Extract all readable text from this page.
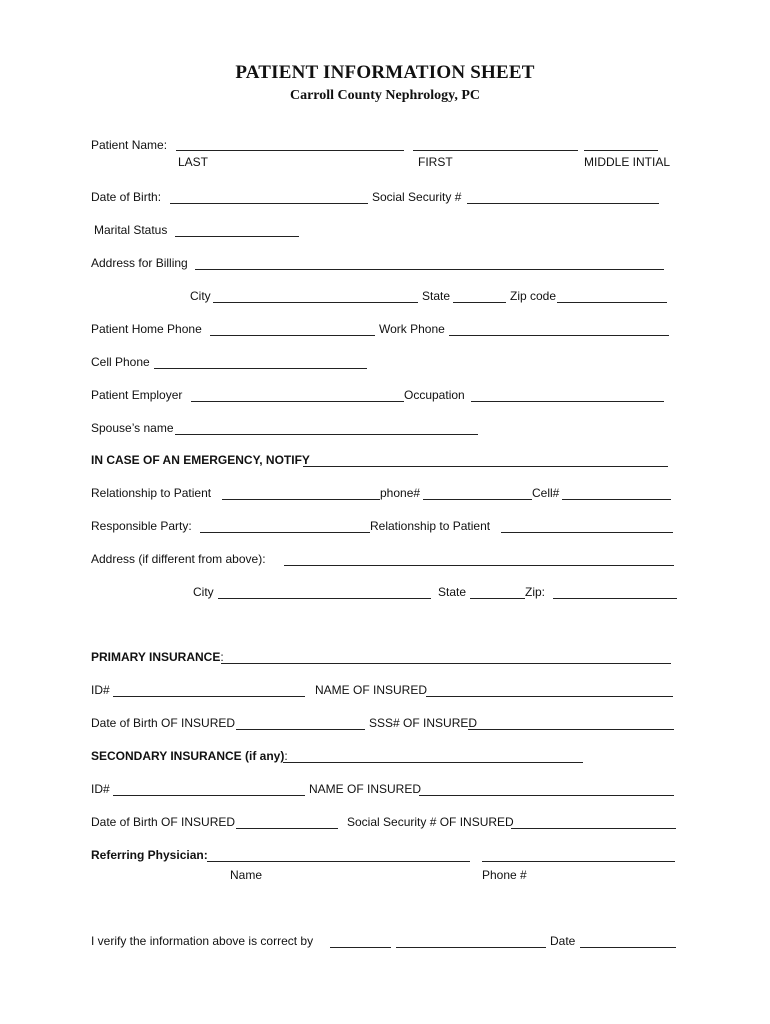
PATIENT INFORMATION SHEET
Carroll County Nephrology, PC
Patient Name:
LAST	FIRST	MIDDLE INTIAL
Date of Birth:	Social Security #
Marital Status
Address for Billing
City	State	Zip code
Patient Home Phone	Work Phone
Cell Phone
Patient Employer	Occupation
Spouse’s name
IN CASE OF AN EMERGENCY, NOTIFY
Relationship to Patient	phone#	Cell#
Responsible Party:	Relationship to Patient
Address (if different from above):
City	State	Zip:
PRIMARY INSURANCE:
ID#	NAME OF INSURED
Date of Birth OF INSURED	SSS# OF INSURED
SECONDARY INSURANCE (if any):
ID#	NAME OF INSURED
Date of Birth OF INSURED	Social Security # OF INSURED
Referring Physician:
Name	Phone #
I verify the information above is correct by	Date
